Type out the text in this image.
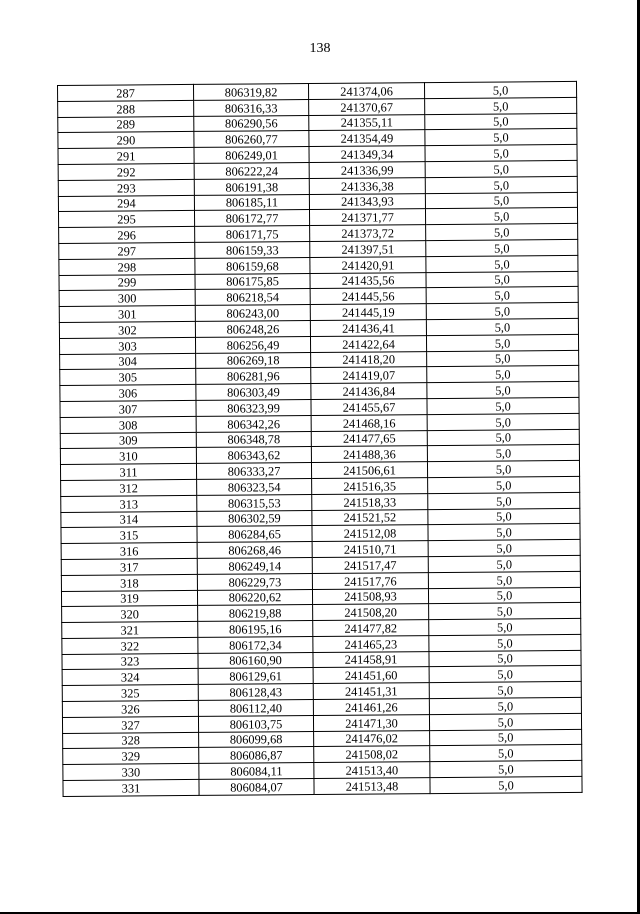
138
287	806319,82	241374,06	5,0
288	806316,33	241370,67	5,0
289	806290,56	241355,11	5,0
290	806260,77	241354,49	5,0
291	806249,01	241349,34	5,0
292	806222,24	241336,99	5,0
293	806191,38	241336,38	5,0
294	806185,11	241343,93	5,0
295	806172,77	241371,77	5,0
296	806171,75	241373,72	5,0
297	806159,33	241397,51	5,0
298	806159,68	241420,91	5,0
299	806175,85	241435,56	5,0
300	806218,54	241445,56	5,0
301	806243,00	241445,19	5,0
302	806248,26	241436,41	5,0
303	806256,49	241422,64	5,0
304	806269,18	241418,20	5,0
305	806281,96	241419,07	5,0
306	806303,49	241436,84	5,0
307	806323,99	241455,67	5,0
308	806342,26	241468,16	5,0
309	806348,78	241477,65	5,0
310	806343,62	241488,36	5,0
311	806333,27	241506,61	5,0
312	806323,54	241516,35	5,0
313	806315,53	241518,33	5,0
314	806302,59	241521,52	5,0
315	806284,65	241512,08	5,0
316	806268,46	241510,71	5,0
317	806249,14	241517,47	5,0
318	806229,73	241517,76	5,0
319	806220,62	241508,93	5,0
320	806219,88	241508,20	5,0
321	806195,16	241477,82	5,0
322	806172,34	241465,23	5,0
323	806160,90	241458,91	5,0
324	806129,61	241451,60	5,0
325	806128,43	241451,31	5,0
326	806112,40	241461,26	5,0
327	806103,75	241471,30	5,0
328	806099,68	241476,02	5,0
329	806086,87	241508,02	5,0
330	806084,11	241513,40	5,0
331	806084,07	241513,48	5,0
